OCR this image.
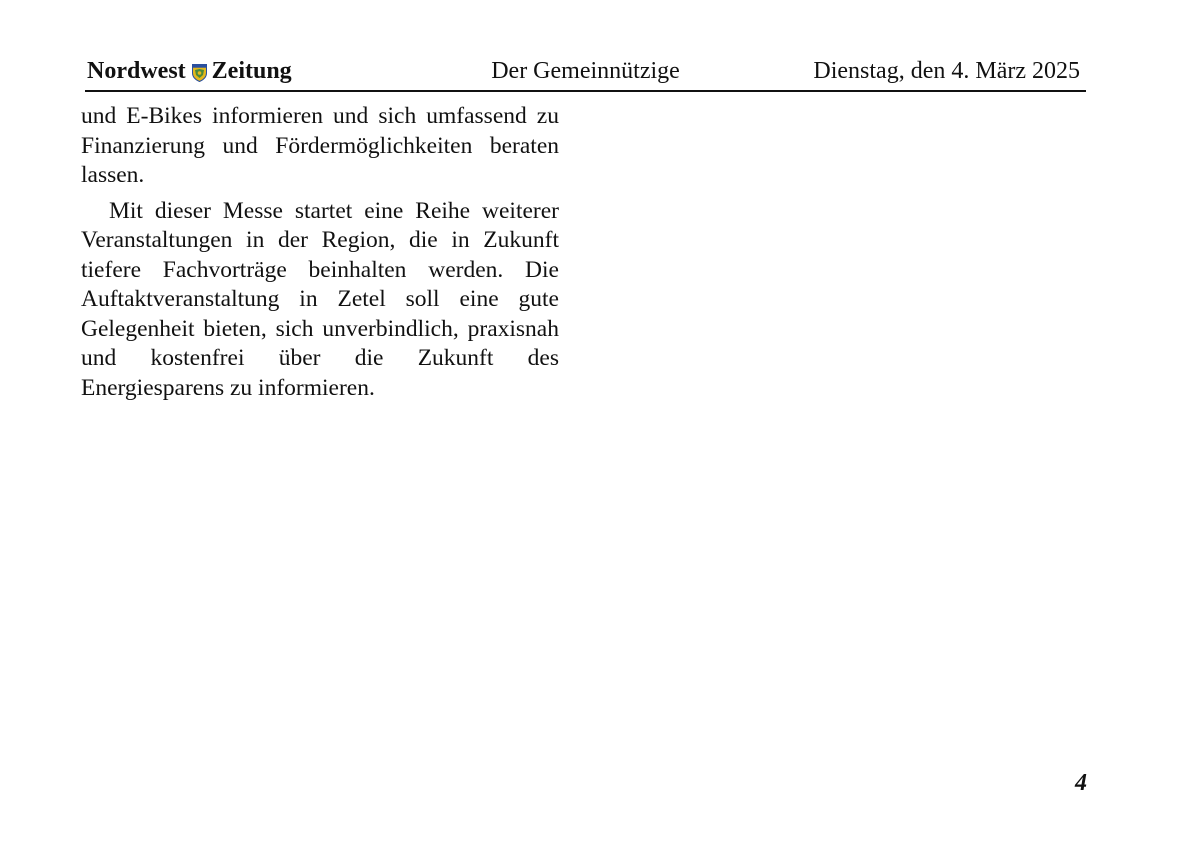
Nordwest Zeitung	Der Gemeinnützige	Dienstag, den 4. März 2025

und E-Bikes informieren und sich umfassend zu Finanzierung und Fördermöglichkeiten beraten lassen.

Mit dieser Messe startet eine Reihe weiterer Veranstaltungen in der Region, die in Zukunft tiefere Fachvorträge beinhalten werden. Die Auftaktveranstaltung in Zetel soll eine gute Gelegenheit bieten, sich unverbindlich, praxisnah und kostenfrei über die Zukunft des Energiesparens zu informieren.

4
